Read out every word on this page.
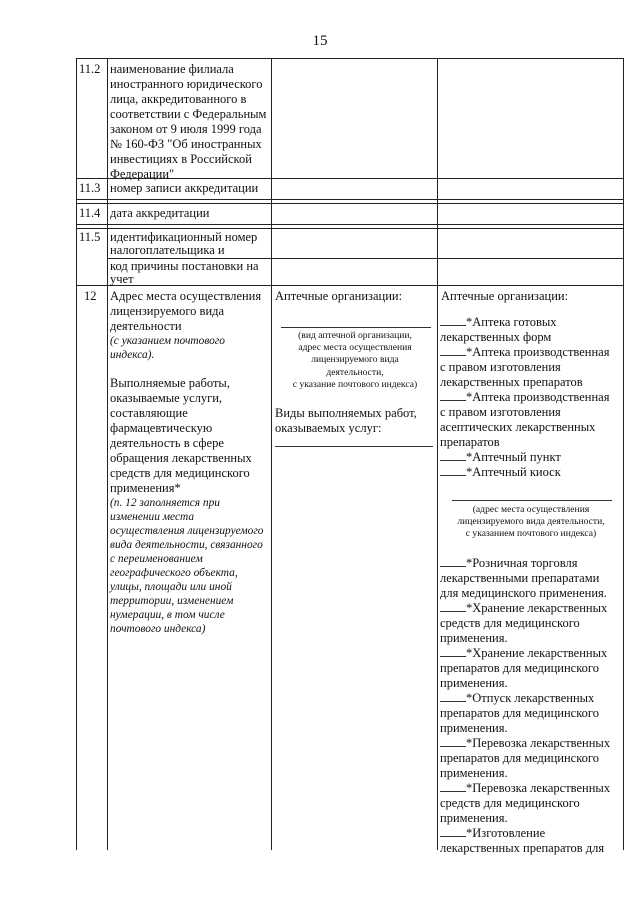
15
11.2 наименование филиала
иностранного юридического
лица, аккредитованного в
соответствии с Федеральным
законом от 9 июля 1999 года
№ 160-ФЗ "Об иностранных
инвестициях в Российской
Федерации"
11.3 номер записи аккредитации
11.4 дата аккредитации
11.5 идентификационный номер
налогоплательщика и
код причины постановки на
учет
12 Адрес места осуществления
лицензируемого вида
деятельности
(с указанием почтового
индекса).
Выполняемые работы,
оказываемые услуги,
составляющие
фармацевтическую
деятельность в сфере
обращения лекарственных
средств для медицинского
применения*
(п. 12 заполняется при
изменении места
осуществления лицензируемого
вида деятельности, связанного
с переименованием
географического объекта,
улицы, площади или иной
территории, изменением
нумерации, в том числе
почтового индекса)
Аптечные организации:
(вид аптечной организации,
адрес места осуществления
лицензируемого вида
деятельности,
с указание почтового индекса)
Виды выполняемых работ,
оказываемых услуг:
Аптечные организации:
*Аптека готовых
лекарственных форм
*Аптека производственная
с правом изготовления
лекарственных препаратов
*Аптека производственная
с правом изготовления
асептических лекарственных
препаратов
*Аптечный пункт
*Аптечный киоск
(адрес места осуществления
лицензируемого вида деятельности,
с указанием почтового индекса)
*Розничная торговля
лекарственными препаратами
для медицинского применения.
*Хранение лекарственных
средств для медицинского
применения.
*Хранение лекарственных
препаратов для медицинского
применения.
*Отпуск лекарственных
препаратов для медицинского
применения.
*Перевозка лекарственных
препаратов для медицинского
применения.
*Перевозка лекарственных
средств для медицинского
применения.
*Изготовление
лекарственных препаратов для
